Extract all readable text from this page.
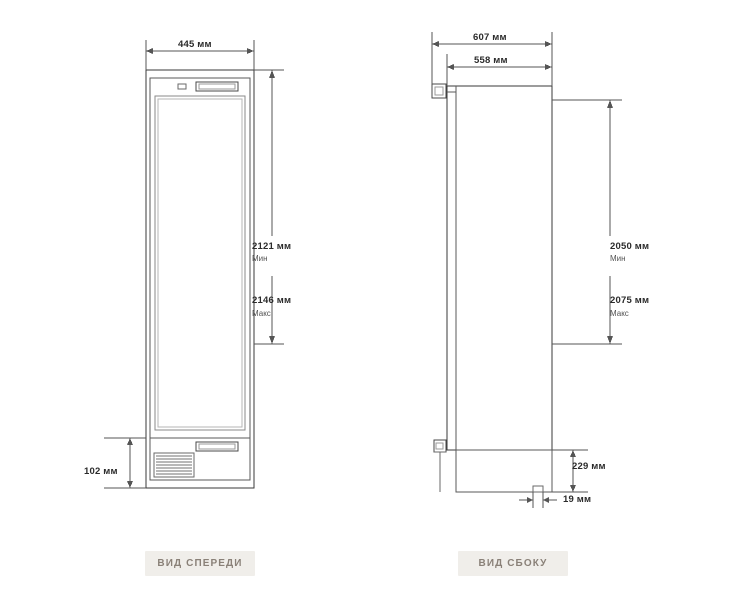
445 мм
2121 мм
Мин
2146 мм
Макс
102 мм
607 мм
558 мм
2050 мм
Мин
2075 мм
Макс
229 мм
19 мм
ВИД СПЕРЕДИ	ВИД СБОКУ
